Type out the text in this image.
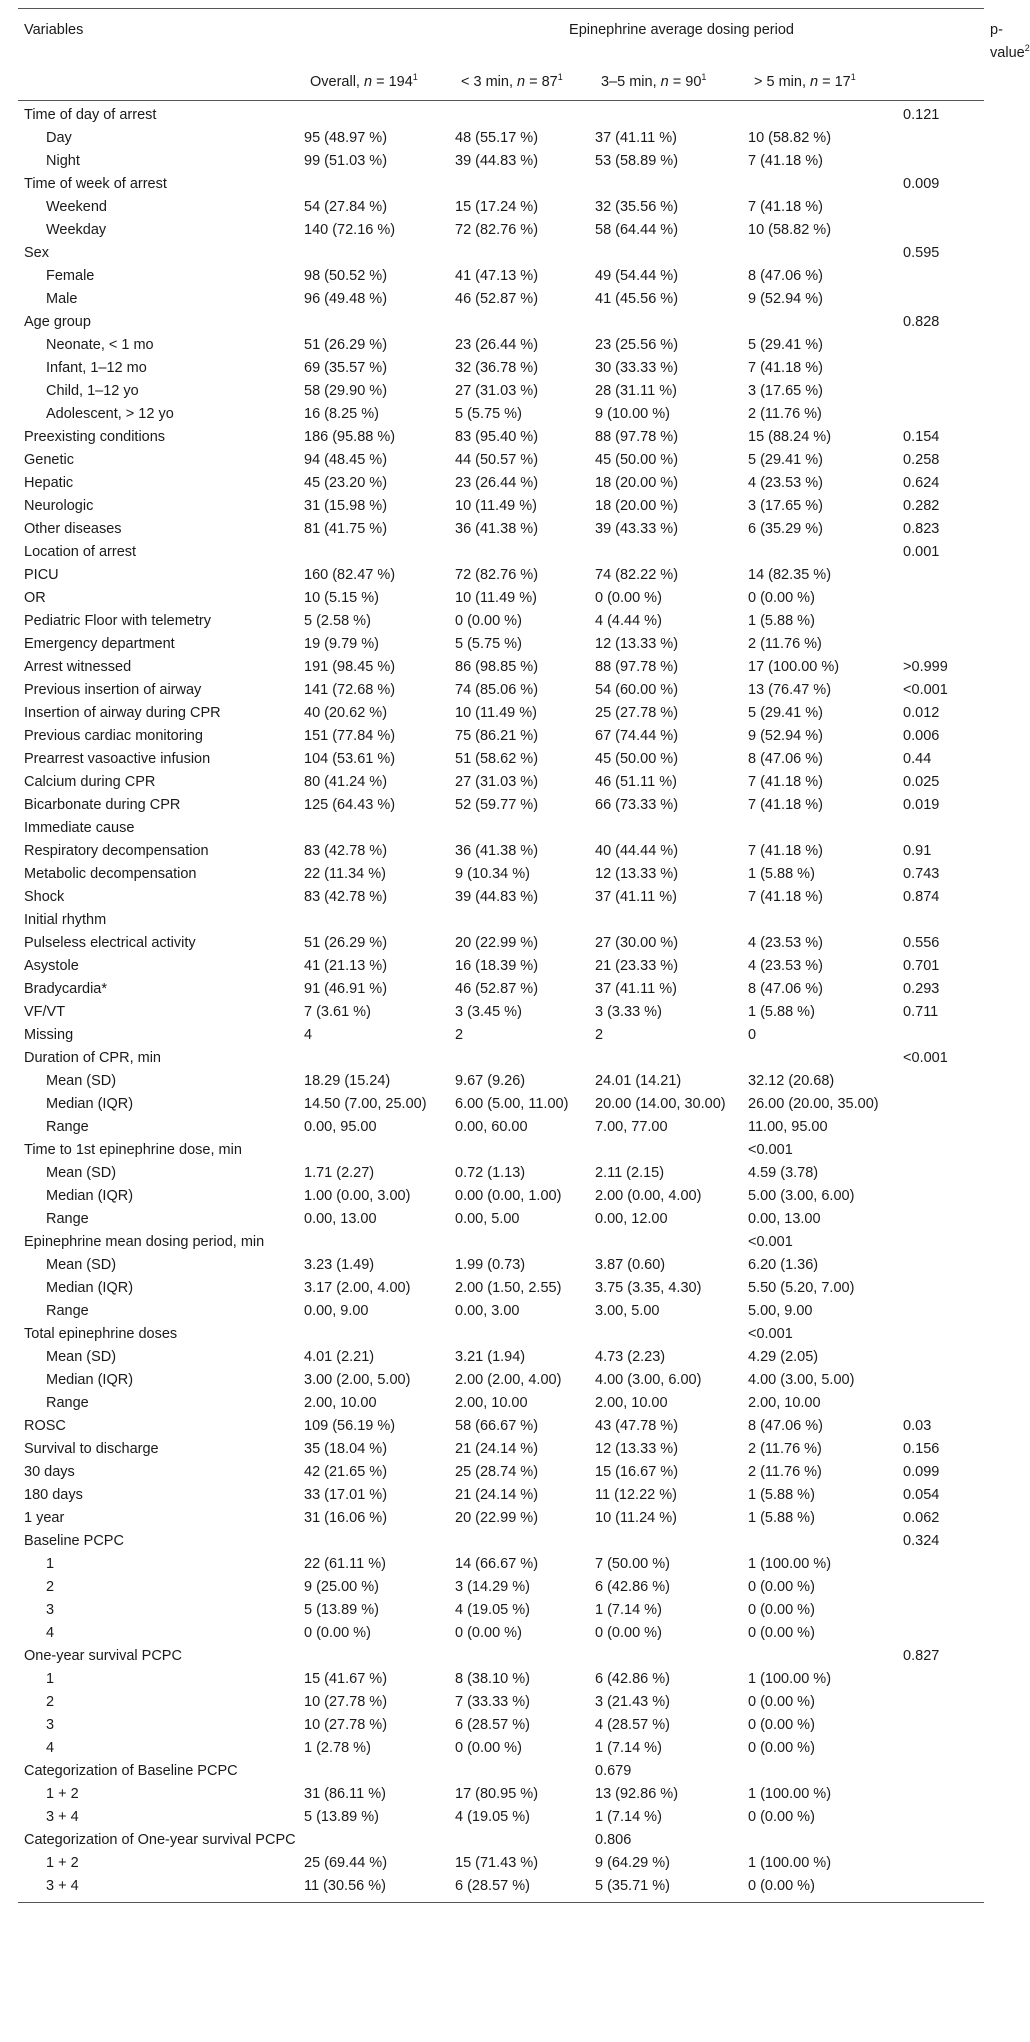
Variables		Epinephrine average dosing period				p-value$^2$
	Overall, $n = 194^1$	< 3 min, $n = 87^1$	3–5 min, $n = 90^1$	> 5 min, $n = 17^1$	
Time of day of arrest					0.121	
Day	95 (48.97 %)	48 (55.17 %)	37 (41.11 %)	10 (58.82 %)		
Night	99 (51.03 %)	39 (44.83 %)	53 (58.89 %)	7 (41.18 %)		
Time of week of arrest					0.009	
Weekend	54 (27.84 %)	15 (17.24 %)	32 (35.56 %)	7 (41.18 %)		
Weekday	140 (72.16 %)	72 (82.76 %)	58 (64.44 %)	10 (58.82 %)		
Sex					0.595	
Female	98 (50.52 %)	41 (47.13 %)	49 (54.44 %)	8 (47.06 %)		
Male	96 (49.48 %)	46 (52.87 %)	41 (45.56 %)	9 (52.94 %)		
Age group					0.828	
Neonate, < 1 mo	51 (26.29 %)	23 (26.44 %)	23 (25.56 %)	5 (29.41 %)		
Infant, 1–12 mo	69 (35.57 %)	32 (36.78 %)	30 (33.33 %)	7 (41.18 %)		
Child, 1–12 yo	58 (29.90 %)	27 (31.03 %)	28 (31.11 %)	3 (17.65 %)		
Adolescent, > 12 yo	16 (8.25 %)	5 (5.75 %)	9 (10.00 %)	2 (11.76 %)		
Preexisting conditions	186 (95.88 %)	83 (95.40 %)	88 (97.78 %)	15 (88.24 %)	0.154	
Genetic	94 (48.45 %)	44 (50.57 %)	45 (50.00 %)	5 (29.41 %)	0.258	
Hepatic	45 (23.20 %)	23 (26.44 %)	18 (20.00 %)	4 (23.53 %)	0.624	
Neurologic	31 (15.98 %)	10 (11.49 %)	18 (20.00 %)	3 (17.65 %)	0.282	
Other diseases	81 (41.75 %)	36 (41.38 %)	39 (43.33 %)	6 (35.29 %)	0.823	
Location of arrest					0.001	
PICU	160 (82.47 %)	72 (82.76 %)	74 (82.22 %)	14 (82.35 %)		
OR	10 (5.15 %)	10 (11.49 %)	0 (0.00 %)	0 (0.00 %)		
Pediatric Floor with telemetry	5 (2.58 %)	0 (0.00 %)	4 (4.44 %)	1 (5.88 %)		
Emergency department	19 (9.79 %)	5 (5.75 %)	12 (13.33 %)	2 (11.76 %)		
Arrest witnessed	191 (98.45 %)	86 (98.85 %)	88 (97.78 %)	17 (100.00 %)	>0.999	
Previous insertion of airway	141 (72.68 %)	74 (85.06 %)	54 (60.00 %)	13 (76.47 %)	<0.001	
Insertion of airway during CPR	40 (20.62 %)	10 (11.49 %)	25 (27.78 %)	5 (29.41 %)	0.012	
Previous cardiac monitoring	151 (77.84 %)	75 (86.21 %)	67 (74.44 %)	9 (52.94 %)	0.006	
Prearrest vasoactive infusion	104 (53.61 %)	51 (58.62 %)	45 (50.00 %)	8 (47.06 %)	0.44	
Calcium during CPR	80 (41.24 %)	27 (31.03 %)	46 (51.11 %)	7 (41.18 %)	0.025	
Bicarbonate during CPR	125 (64.43 %)	52 (59.77 %)	66 (73.33 %)	7 (41.18 %)	0.019	
Immediate cause						
Respiratory decompensation	83 (42.78 %)	36 (41.38 %)	40 (44.44 %)	7 (41.18 %)	0.91	
Metabolic decompensation	22 (11.34 %)	9 (10.34 %)	12 (13.33 %)	1 (5.88 %)	0.743	
Shock	83 (42.78 %)	39 (44.83 %)	37 (41.11 %)	7 (41.18 %)	0.874	
Initial rhythm						
Pulseless electrical activity	51 (26.29 %)	20 (22.99 %)	27 (30.00 %)	4 (23.53 %)	0.556	
Asystole	41 (21.13 %)	16 (18.39 %)	21 (23.33 %)	4 (23.53 %)	0.701	
Bradycardia*	91 (46.91 %)	46 (52.87 %)	37 (41.11 %)	8 (47.06 %)	0.293	
VF/VT	7 (3.61 %)	3 (3.45 %)	3 (3.33 %)	1 (5.88 %)	0.711	
Missing	4	2	2	0		
Duration of CPR, min					<0.001	
Mean (SD)	18.29 (15.24)	9.67 (9.26)	24.01 (14.21)	32.12 (20.68)		
Median (IQR)	14.50 (7.00, 25.00)	6.00 (5.00, 11.00)	20.00 (14.00, 30.00)	26.00 (20.00, 35.00)		
Range	0.00, 95.00	0.00, 60.00	7.00, 77.00	11.00, 95.00		
Time to 1st epinephrine dose, min				<0.001		
Mean (SD)	1.71 (2.27)	0.72 (1.13)	2.11 (2.15)	4.59 (3.78)		
Median (IQR)	1.00 (0.00, 3.00)	0.00 (0.00, 1.00)	2.00 (0.00, 4.00)	5.00 (3.00, 6.00)		
Range	0.00, 13.00	0.00, 5.00	0.00, 12.00	0.00, 13.00		
Epinephrine mean dosing period, min				<0.001		
Mean (SD)	3.23 (1.49)	1.99 (0.73)	3.87 (0.60)	6.20 (1.36)		
Median (IQR)	3.17 (2.00, 4.00)	2.00 (1.50, 2.55)	3.75 (3.35, 4.30)	5.50 (5.20, 7.00)		
Range	0.00, 9.00	0.00, 3.00	3.00, 5.00	5.00, 9.00		
Total epinephrine doses				<0.001		
Mean (SD)	4.01 (2.21)	3.21 (1.94)	4.73 (2.23)	4.29 (2.05)		
Median (IQR)	3.00 (2.00, 5.00)	2.00 (2.00, 4.00)	4.00 (3.00, 6.00)	4.00 (3.00, 5.00)		
Range	2.00, 10.00	2.00, 10.00	2.00, 10.00	2.00, 10.00		
ROSC	109 (56.19 %)	58 (66.67 %)	43 (47.78 %)	8 (47.06 %)	0.03	
Survival to discharge	35 (18.04 %)	21 (24.14 %)	12 (13.33 %)	2 (11.76 %)	0.156	
30 days	42 (21.65 %)	25 (28.74 %)	15 (16.67 %)	2 (11.76 %)	0.099	
180 days	33 (17.01 %)	21 (24.14 %)	11 (12.22 %)	1 (5.88 %)	0.054	
1 year	31 (16.06 %)	20 (22.99 %)	10 (11.24 %)	1 (5.88 %)	0.062	
Baseline PCPC					0.324	
1	22 (61.11 %)	14 (66.67 %)	7 (50.00 %)	1 (100.00 %)		
2	9 (25.00 %)	3 (14.29 %)	6 (42.86 %)	0 (0.00 %)		
3	5 (13.89 %)	4 (19.05 %)	1 (7.14 %)	0 (0.00 %)		
4	0 (0.00 %)	0 (0.00 %)	0 (0.00 %)	0 (0.00 %)		
One-year survival PCPC					0.827	
1	15 (41.67 %)	8 (38.10 %)	6 (42.86 %)	1 (100.00 %)		
2	10 (27.78 %)	7 (33.33 %)	3 (21.43 %)	0 (0.00 %)		
3	10 (27.78 %)	6 (28.57 %)	4 (28.57 %)	0 (0.00 %)		
4	1 (2.78 %)	0 (0.00 %)	1 (7.14 %)	0 (0.00 %)		
Categorization of Baseline PCPC			0.679			
1 + 2	31 (86.11 %)	17 (80.95 %)	13 (92.86 %)	1 (100.00 %)		
3 + 4	5 (13.89 %)	4 (19.05 %)	1 (7.14 %)	0 (0.00 %)		
Categorization of One-year survival PCPC			0.806			
1 + 2	25 (69.44 %)	15 (71.43 %)	9 (64.29 %)	1 (100.00 %)		
3 + 4	11 (30.56 %)	6 (28.57 %)	5 (35.71 %)	0 (0.00 %)		
